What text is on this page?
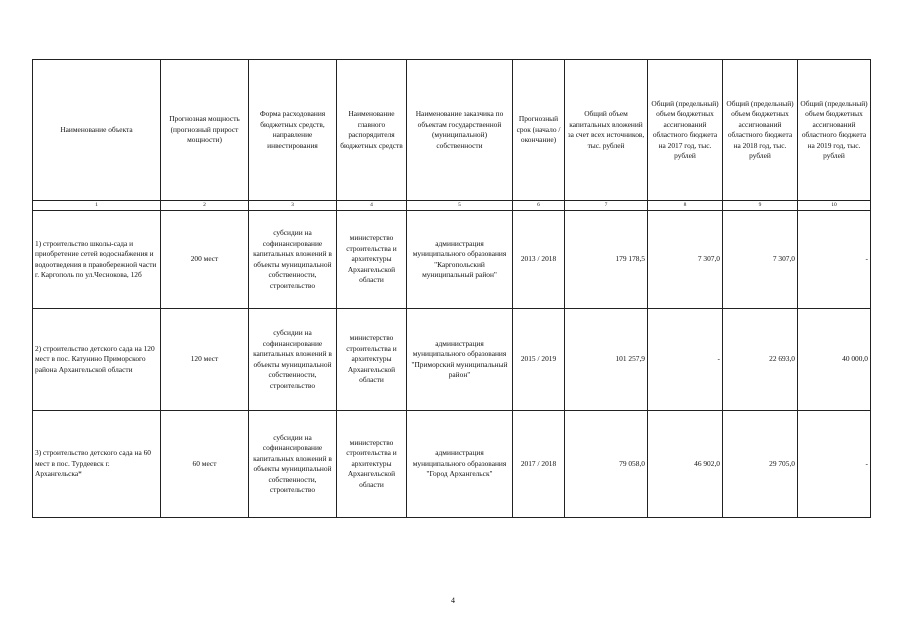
Наименование объекта	Прогнозная мощность (прогнозный прирост мощности)	Форма расходования бюджетных средств, направление инвестирования	Наименование главного распорядителя бюджетных средств	Наименование заказчика по объектам государственной (муниципальной) собственности	Прогнозный срок (начало / окончание)	Общий объем капитальных вложений за счет всех источников, тыс. рублей	Общий (предельный) объем бюджетных ассигнований областного бюджета на 2017 год, тыс. рублей	Общий (предельный) объем бюджетных ассигнований областного бюджета на 2018 год, тыс. рублей	Общий (предельный) объем бюджетных ассигнований областного бюджета на 2019 год, тыс. рублей
1	2	3	4	5	6	7	8	9	10
1) строительство школы-сада и приобретение сетей водоснабжения и водоотведения в правобережной части г. Каргополь по ул.Чеснокова, 12б	200 мест	субсидии на софинансирование капитальных вложений в объекты муниципальной собственности, строительство	министерство строительства и архитектуры Архангельской области	администрация муниципального образования "Каргопольский муниципальный район"	2013 / 2018	179 178,5	7 307,0	7 307,0	-
2) строительство детского сада на 120 мест в пос. Катунино Приморского района Архангельской области	120 мест	субсидии на софинансирование капитальных вложений в объекты муниципальной собственности, строительство	министерство строительства и архитектуры Архангельской области	администрация муниципального образования "Приморский муниципальный район"	2015 / 2019	101 257,9	-	22 693,0	40 000,0
3) строительство детского сада на 60 мест в пос. Турдеевск г. Архангельска*	60 мест	субсидии на софинансирование капитальных вложений в объекты муниципальной собственности, строительство	министерство строительства и архитектуры Архангельской области	администрация муниципального образования "Город Архангельск"	2017 / 2018	79 058,0	46 902,0	29 705,0	-
4
